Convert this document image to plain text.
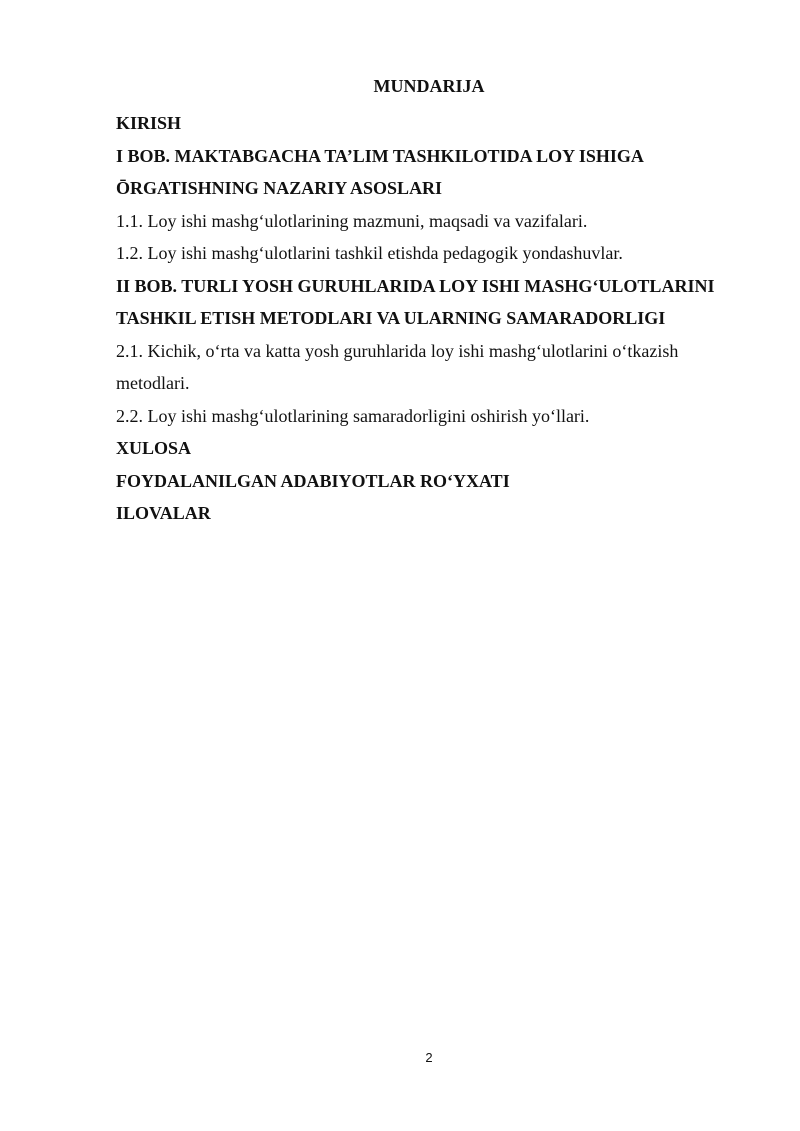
MUNDARIJA
KIRISH
I BOB. MAKTABGACHA TA’LIM TASHKILOTIDA LOY ISHIGA
ŌRGATISHNING NAZARIY ASOSLARI
1.1. Loy ishi mashg‘ulotlarining mazmuni, maqsadi va vazifalari.
1.2. Loy ishi mashg‘ulotlarini tashkil etishda pedagogik yondashuvlar.
II BOB. TURLI YOSH GURUHLARIDA LOY ISHI MASHG‘ULOTLARINI
TASHKIL ETISH METODLARI VA ULARNING SAMARADORLIGI
2.1. Kichik, o‘rta va katta yosh guruhlarida loy ishi mashg‘ulotlarini o‘tkazish
metodlari.
2.2. Loy ishi mashg‘ulotlarining samaradorligini oshirish yo‘llari.
XULOSA
FOYDALANILGAN ADABIYOTLAR RO‘YXATI
ILOVALAR
2
